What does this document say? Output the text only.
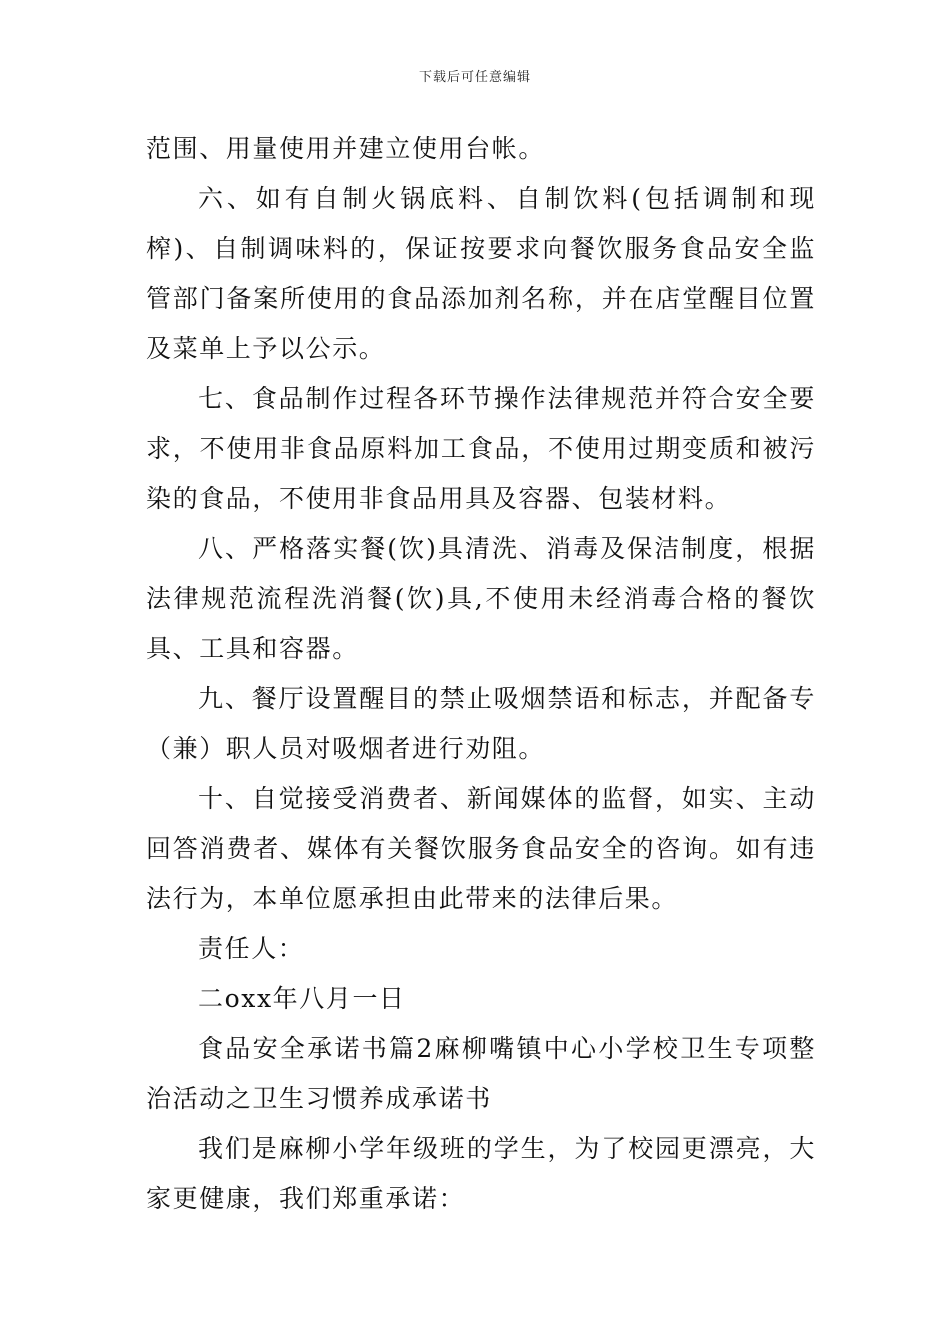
下载后可任意编辑

范围、用量使用并建立使用台帐。

六、如有自制火锅底料、自制饮料(包括调制和现榨)、自制调味料的，保证按要求向餐饮服务食品安全监管部门备案所使用的食品添加剂名称，并在店堂醒目位置及菜单上予以公示。

七、食品制作过程各环节操作法律规范并符合安全要求，不使用非食品原料加工食品，不使用过期变质和被污染的食品，不使用非食品用具及容器、包装材料。

八、严格落实餐(饮)具清洗、消毒及保洁制度，根据法律规范流程洗消餐(饮)具,不使用未经消毒合格的餐饮具、工具和容器。

九、餐厅设置醒目的禁止吸烟禁语和标志，并配备专（兼）职人员对吸烟者进行劝阻。

十、自觉接受消费者、新闻媒体的监督，如实、主动回答消费者、媒体有关餐饮服务食品安全的咨询。如有违法行为，本单位愿承担由此带来的法律后果。

责任人：

二oxx年八月一日

食品安全承诺书篇2麻柳嘴镇中心小学校卫生专项整治活动之卫生习惯养成承诺书

我们是麻柳小学年级班的学生，为了校园更漂亮，大家更健康，我们郑重承诺：
